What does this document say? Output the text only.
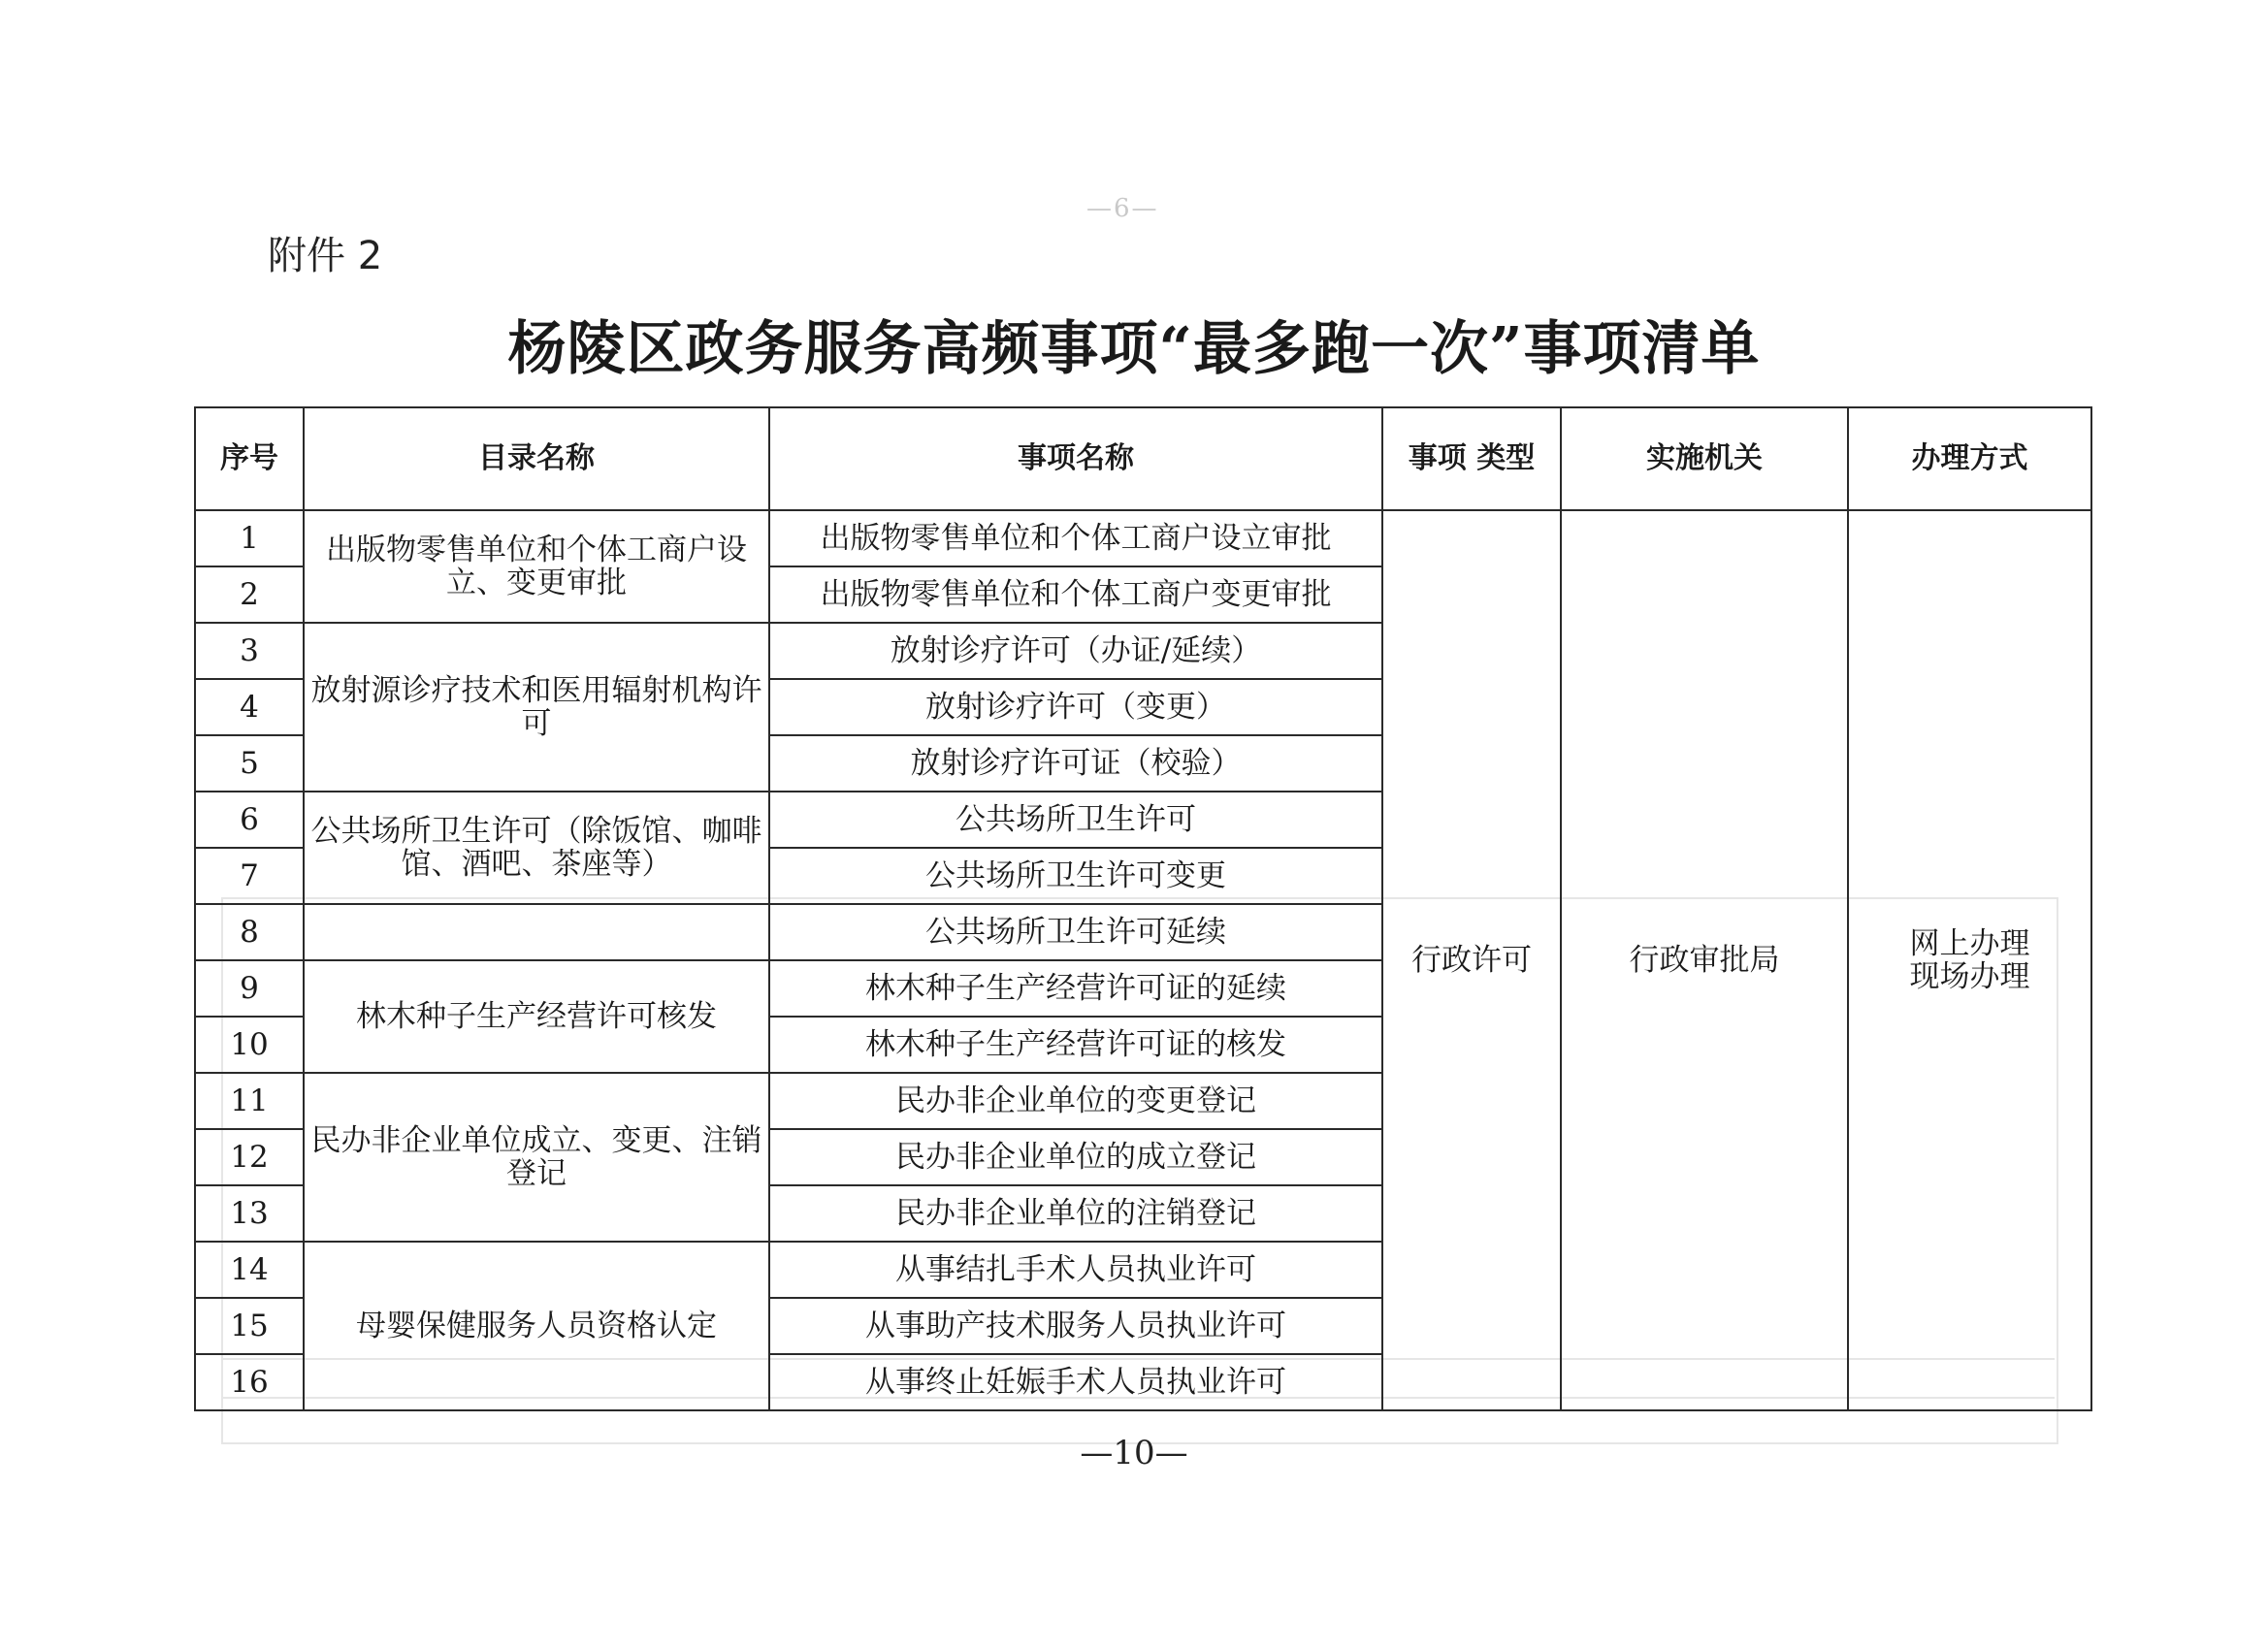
—6—
附件 2
杨陵区政务服务高频事项“最多跑一次”事项清单
序号	目录名称	事项名称	事项 类型	实施机关	办理方式
1	出版物零售单位和个体工商户设立、变更审批	出版物零售单位和个体工商户设立审批	行政许可	行政审批局	网上办理
现场办理

2		出版物零售单位和个体工商户变更审批			
3	放射源诊疗技术和医用辐射机构许可	放射诊疗许可（办证/延续）			
4		放射诊疗许可（变更）			
5		放射诊疗许可证（校验）			
6	公共场所卫生许可（除饭馆、咖啡馆、酒吧、茶座等）	公共场所卫生许可			
7		公共场所卫生许可变更			
8		公共场所卫生许可延续			
9	林木种子生产经营许可核发	林木种子生产经营许可证的延续			
10		林木种子生产经营许可证的核发			
11	民办非企业单位成立、变更、注销登记	民办非企业单位的变更登记			
12		民办非企业单位的成立登记			
13		民办非企业单位的注销登记			
14	母婴保健服务人员资格认定	从事结扎手术人员执业许可			
15		从事助产技术服务人员执业许可			
16		从事终止妊娠手术人员执业许可			
—10—
